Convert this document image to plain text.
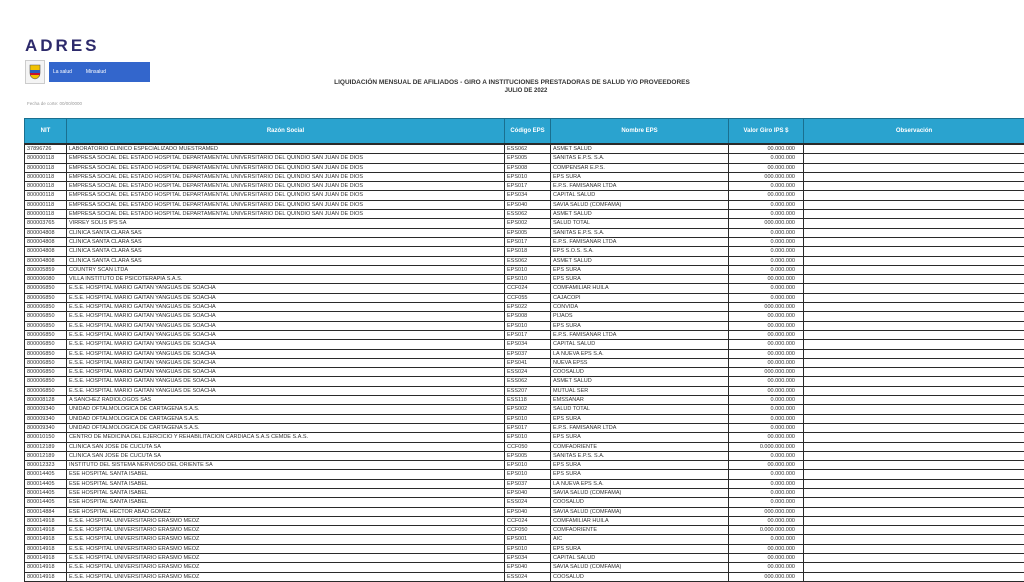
ADRES
La salud	Minsalud
LIQUIDACIÓN MENSUAL DE AFILIADOS - GIRO A INSTITUCIONES PRESTADORAS DE SALUD Y/O PROVEEDORES
JULIO DE 2022
Fecha de corte: 00/00/0000
NIT	Razón Social	Código EPS	Nombre EPS	Valor Giro IPS $	Observación
37896726	LABORATORIO CLINICO ESPECIALIZADO MUESTRAMED	ESS062	ASMET SALUD	00.000.000	
800000118	EMPRESA SOCIAL DEL ESTADO HOSPITAL DEPARTAMENTAL UNIVERSITARIO DEL QUINDIO SAN JUAN DE DIOS	EPS005	SANITAS E.P.S. S.A.	0.000.000	
800000118	EMPRESA SOCIAL DEL ESTADO HOSPITAL DEPARTAMENTAL UNIVERSITARIO DEL QUINDIO SAN JUAN DE DIOS	EPS008	COMPENSAR E.P.S.	00.000.000	
800000118	EMPRESA SOCIAL DEL ESTADO HOSPITAL DEPARTAMENTAL UNIVERSITARIO DEL QUINDIO SAN JUAN DE DIOS	EPS010	EPS SURA	000.000.000	
800000118	EMPRESA SOCIAL DEL ESTADO HOSPITAL DEPARTAMENTAL UNIVERSITARIO DEL QUINDIO SAN JUAN DE DIOS	EPS017	E.P.S. FAMISANAR LTDA	0.000.000	
800000118	EMPRESA SOCIAL DEL ESTADO HOSPITAL DEPARTAMENTAL UNIVERSITARIO DEL QUINDIO SAN JUAN DE DIOS	EPS034	CAPITAL SALUD	00.000.000	
800000118	EMPRESA SOCIAL DEL ESTADO HOSPITAL DEPARTAMENTAL UNIVERSITARIO DEL QUINDIO SAN JUAN DE DIOS	EPS040	SAVIA SALUD (COMFAMA)	0.000.000	
800000118	EMPRESA SOCIAL DEL ESTADO HOSPITAL DEPARTAMENTAL UNIVERSITARIO DEL QUINDIO SAN JUAN DE DIOS	ESS062	ASMET SALUD	0.000.000	
800003765	VIRREY SOLIS IPS SA	EPS002	SALUD TOTAL	000.000.000	
800004808	CLINICA SANTA CLARA SAS	EPS005	SANITAS E.P.S. S.A.	0.000.000	
800004808	CLINICA SANTA CLARA SAS	EPS017	E.P.S. FAMISANAR LTDA	0.000.000	
800004808	CLINICA SANTA CLARA SAS	EPS018	EPS S.O.S. S.A.	0.000.000	
800004808	CLINICA SANTA CLARA SAS	ESS062	ASMET SALUD	0.000.000	
800005859	COUNTRY SCAN LTDA	EPS010	EPS SURA	0.000.000	
800006080	VILLA INSTITUTO DE PSICOTERAPIA S.A.S.	EPS010	EPS SURA	00.000.000	
800006850	E.S.E. HOSPITAL MARIO GAITAN YANGUAS DE SOACHA	CCF024	COMFAMILIAR HUILA	0.000.000	
800006850	E.S.E. HOSPITAL MARIO GAITAN YANGUAS DE SOACHA	CCF055	CAJACOPI	0.000.000	
800006850	E.S.E. HOSPITAL MARIO GAITAN YANGUAS DE SOACHA	EPS022	CONVIDA	000.000.000	
800006850	E.S.E. HOSPITAL MARIO GAITAN YANGUAS DE SOACHA	EPS008	PIJAOS	00.000.000	
800006850	E.S.E. HOSPITAL MARIO GAITAN YANGUAS DE SOACHA	EPS010	EPS SURA	00.000.000	
800006850	E.S.E. HOSPITAL MARIO GAITAN YANGUAS DE SOACHA	EPS017	E.P.S. FAMISANAR LTDA	00.000.000	
800006850	E.S.E. HOSPITAL MARIO GAITAN YANGUAS DE SOACHA	EPS034	CAPITAL SALUD	00.000.000	
800006850	E.S.E. HOSPITAL MARIO GAITAN YANGUAS DE SOACHA	EPS037	LA NUEVA EPS S.A.	00.000.000	
800006850	E.S.E. HOSPITAL MARIO GAITAN YANGUAS DE SOACHA	EPS041	NUEVA EPSS	00.000.000	
800006850	E.S.E. HOSPITAL MARIO GAITAN YANGUAS DE SOACHA	ESS024	COOSALUD	000.000.000	
800006850	E.S.E. HOSPITAL MARIO GAITAN YANGUAS DE SOACHA	ESS062	ASMET SALUD	00.000.000	
800006850	E.S.E. HOSPITAL MARIO GAITAN YANGUAS DE SOACHA	ESS207	MUTUAL SER	00.000.000	
800008128	A SANCHEZ RADIOLOGOS SAS	ESS118	EMSSANAR	0.000.000	
800009340	UNIDAD OFTALMOLOGICA DE CARTAGENA S.A.S.	EPS002	SALUD TOTAL	0.000.000	
800009340	UNIDAD OFTALMOLOGICA DE CARTAGENA S.A.S.	EPS010	EPS SURA	0.000.000	
800009340	UNIDAD OFTALMOLOGICA DE CARTAGENA S.A.S.	EPS017	E.P.S. FAMISANAR LTDA	0.000.000	
800010150	CENTRO DE MEDICINA DEL EJERCICIO Y REHABILITACION CARDIACA S.A.S CEMDE S.A.S.	EPS010	EPS SURA	00.000.000	
800012189	CLINICA SAN JOSE DE CUCUTA SA	CCF050	COMFAORIENTE	0.000.000.000	
800012189	CLINICA SAN JOSE DE CUCUTA SA	EPS005	SANITAS E.P.S. S.A.	0.000.000	
800012323	INSTITUTO DEL SISTEMA NERVIOSO DEL ORIENTE SA	EPS010	EPS SURA	00.000.000	
800014405	ESE HOSPITAL SANTA ISABEL	EPS010	EPS SURA	0.000.000	
800014405	ESE HOSPITAL SANTA ISABEL	EPS037	LA NUEVA EPS S.A.	0.000.000	
800014405	ESE HOSPITAL SANTA ISABEL	EPS040	SAVIA SALUD (COMFAMA)	0.000.000	
800014405	ESE HOSPITAL SANTA ISABEL	ESS024	COOSALUD	0.000.000	
800014884	ESE HOSPITAL HECTOR ABAD GOMEZ	EPS040	SAVIA SALUD (COMFAMA)	000.000.000	
800014918	E.S.E. HOSPITAL UNIVERSITARIO ERASMO MEOZ	CCF024	COMFAMILIAR HUILA	00.000.000	
800014918	E.S.E. HOSPITAL UNIVERSITARIO ERASMO MEOZ	CCF050	COMFAORIENTE	0.000.000.000	
800014918	E.S.E. HOSPITAL UNIVERSITARIO ERASMO MEOZ	EPS001	AIC	0.000.000	
800014918	E.S.E. HOSPITAL UNIVERSITARIO ERASMO MEOZ	EPS010	EPS SURA	00.000.000	
800014918	E.S.E. HOSPITAL UNIVERSITARIO ERASMO MEOZ	EPS034	CAPITAL SALUD	00.000.000	
800014918	E.S.E. HOSPITAL UNIVERSITARIO ERASMO MEOZ	EPS040	SAVIA SALUD (COMFAMA)	00.000.000	
800014918	E.S.E. HOSPITAL UNIVERSITARIO ERASMO MEOZ	ESS024	COOSALUD	000.000.000	
